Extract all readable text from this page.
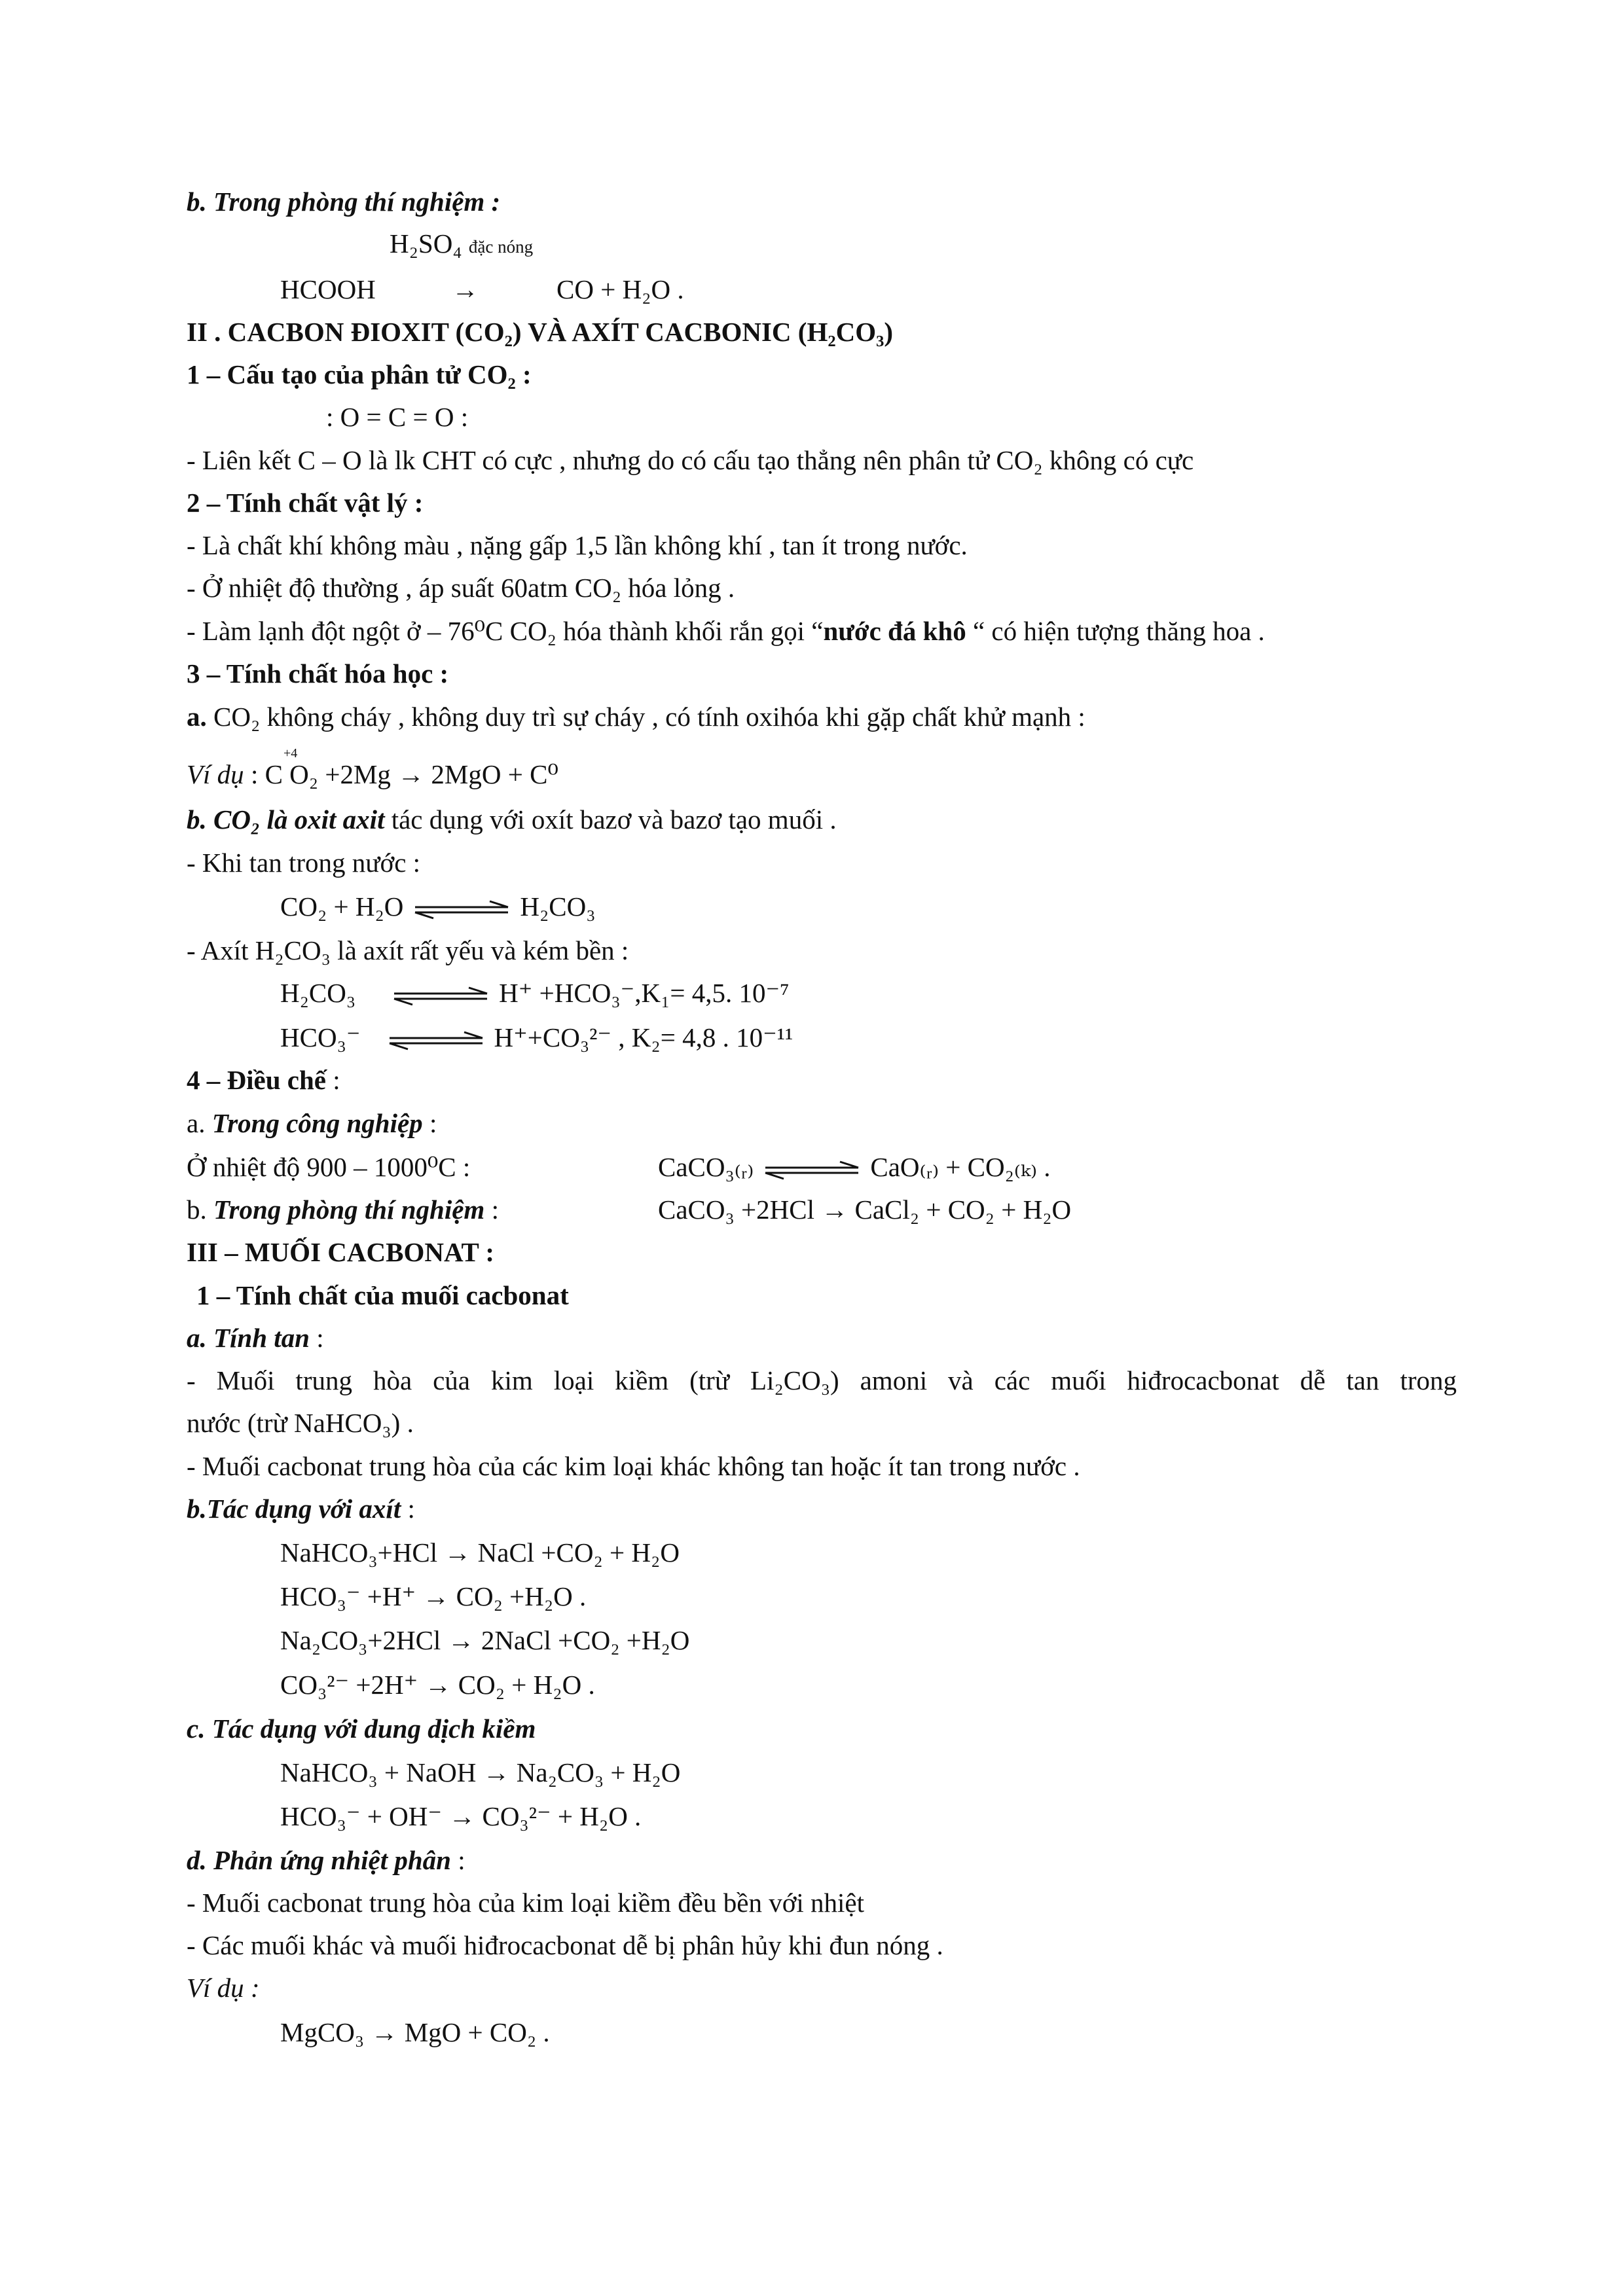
b. Trong phòng thí nghiệm :
H₂SO₄ đặc nóng
HCOOH	→	CO + H₂O .
II . CACBON ĐIOXIT (CO₂) VÀ AXÍT CACBONIC (H₂CO₃)
1 – Cấu tạo của phân tử CO₂ :
: O = C = O :
- Liên kết C – O là lk CHT có cực , nhưng do có cấu tạo thẳng nên phân tử CO₂ không có cực
2 – Tính chất vật lý :
- Là chất khí không màu , nặng gấp 1,5 lần không khí , tan ít trong nước.
- Ở nhiệt độ thường , áp suất 60atm CO₂ hóa lỏng .
- Làm lạnh đột ngột ở – 76⁰C CO₂ hóa thành khối rắn gọi “nước đá khô “ có hiện tượng thăng hoa .
3 – Tính chất hóa học :
a. CO₂ không cháy , không duy trì sự cháy , có tính oxihóa khi gặp chất khử mạnh :
+4
Ví dụ : C O₂ +2Mg → 2MgO + C⁰
b. CO₂ là oxit axit tác dụng với oxít bazơ và bazơ tạo muối .
- Khi tan trong nước :
CO₂ + H₂O ⇌ H₂CO₃
- Axít H₂CO₃ là axít rất yếu và kém bền :
H₂CO₃ ⇌ H⁺ +HCO₃⁻,K₁= 4,5. 10⁻⁷
HCO₃⁻ ⇌ H⁺+CO₃²⁻ , K₂= 4,8 . 10⁻¹¹
4 – Điều chế :
a. Trong công nghiệp :
Ở nhiệt độ 900 – 1000⁰C :	CaCO₃₍ᵣ₎ ⇌ CaO₍ᵣ₎ + CO₂₍ₖ₎ .
b. Trong phòng thí nghiệm :	CaCO₃ +2HCl → CaCl₂ + CO₂ + H₂O
III – MUỐI CACBONAT :
1 – Tính chất của muối cacbonat
a. Tính tan :
- Muối trung hòa của kim loại kiềm (trừ Li₂CO₃) amoni và các muối hiđrocacbonat dễ tan trong
nước (trừ NaHCO₃) .
- Muối cacbonat trung hòa của các kim loại khác không tan hoặc ít tan trong nước .
b.Tác dụng với axít :
NaHCO₃+HCl → NaCl +CO₂ + H₂O
HCO₃⁻ +H⁺ → CO₂ +H₂O .
Na₂CO₃+2HCl → 2NaCl +CO₂ +H₂O
CO₃²⁻ +2H⁺ → CO₂ + H₂O .
c. Tác dụng với dung dịch kiềm
NaHCO₃ + NaOH → Na₂CO₃ + H₂O
HCO₃⁻ + OH⁻ → CO₃²⁻ + H₂O .
d. Phản ứng nhiệt phân :
- Muối cacbonat trung hòa của kim loại kiềm đều bền với nhiệt
- Các muối khác và muối hiđrocacbonat dễ bị phân hủy khi đun nóng .
Ví dụ :
MgCO₃ → MgO + CO₂ .
